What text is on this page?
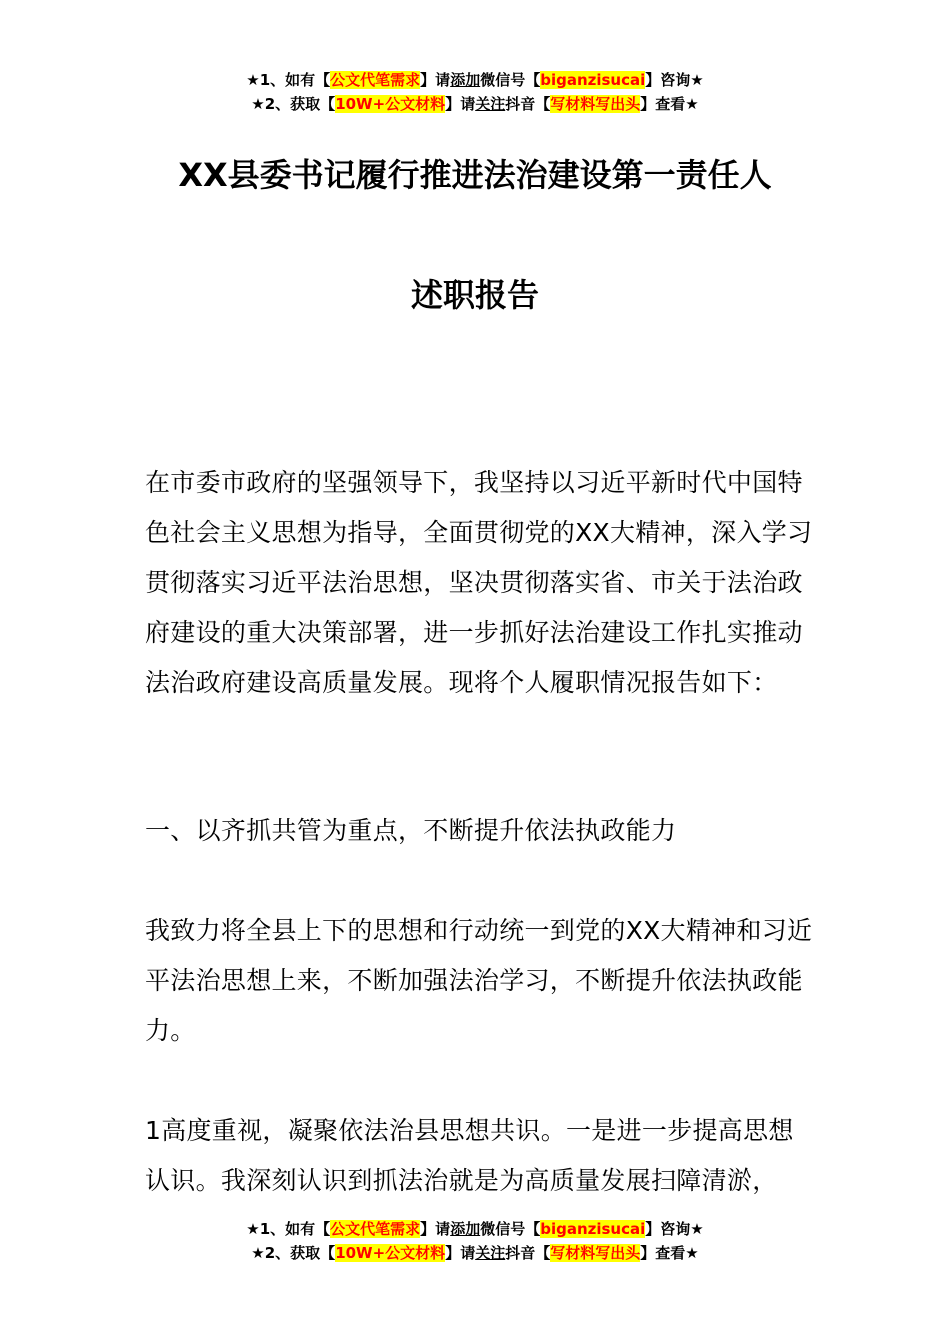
★1、如有【公文代笔需求】请添加微信号【biganzisucai】咨询★
★2、获取【10W+公文材料】请关注抖音【写材料写出头】查看★
XX县委书记履行推进法治建设第一责任人
述职报告
在市委市政府的坚强领导下，我坚持以习近平新时代中国特色社会主义思想为指导，全面贯彻党的XX大精神，深入学习贯彻落实习近平法治思想，坚决贯彻落实省、市关于法治政府建设的重大决策部署，进一步抓好法治建设工作扎实推动法治政府建设高质量发展。现将个人履职情况报告如下：
一、以齐抓共管为重点，不断提升依法执政能力
我致力将全县上下的思想和行动统一到党的XX大精神和习近平法治思想上来，不断加强法治学习，不断提升依法执政能力。
1高度重视，凝聚依法治县思想共识。一是进一步提高思想认识。我深刻认识到抓法治就是为高质量发展扫障清淤，
★1、如有【公文代笔需求】请添加微信号【biganzisucai】咨询★
★2、获取【10W+公文材料】请关注抖音【写材料写出头】查看★
